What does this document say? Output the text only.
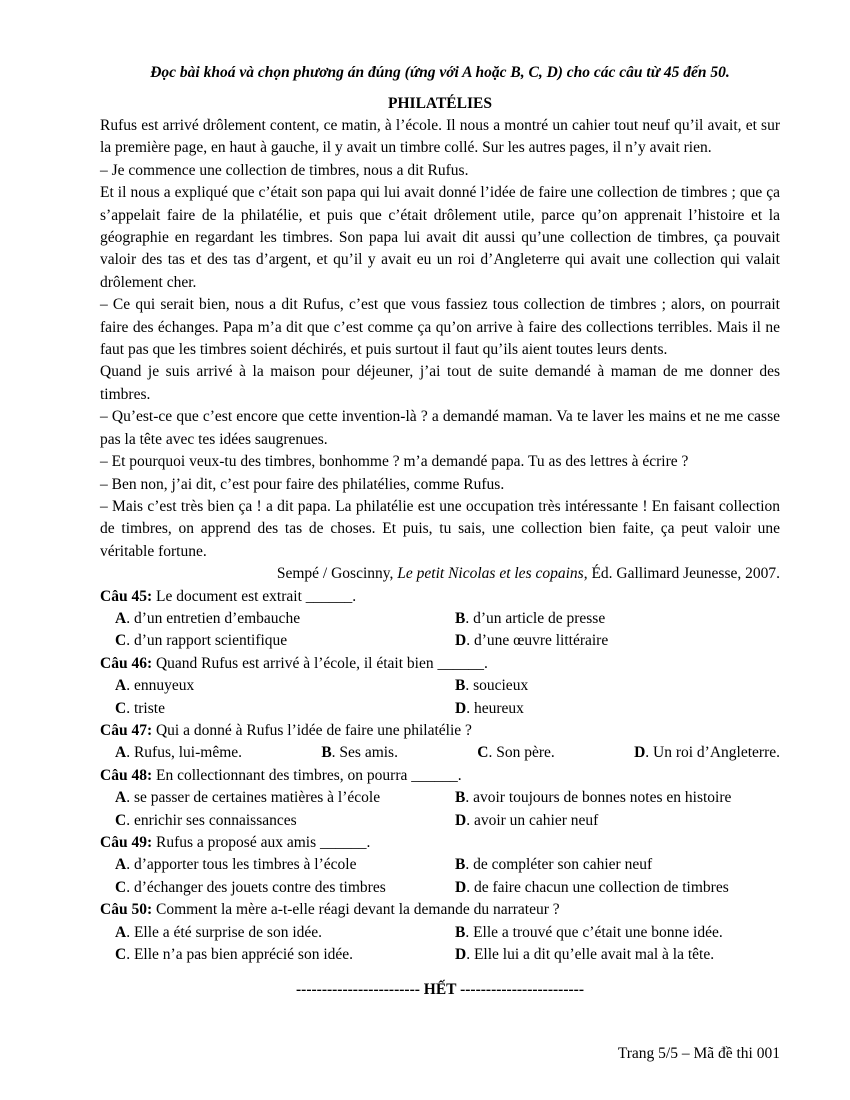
Đọc bài khoá và chọn phương án đúng (ứng với A hoặc B, C, D) cho các câu từ 45 đến 50.
PHILATÉLIES

Rufus est arrivé drôlement content, ce matin, à l’école. Il nous a montré un cahier tout neuf qu’il avait, et sur la première page, en haut à gauche, il y avait un timbre collé. Sur les autres pages, il n’y avait rien.

– Je commence une collection de timbres, nous a dit Rufus.

Et il nous a expliqué que c’était son papa qui lui avait donné l’idée de faire une collection de timbres ; que ça s’appelait faire de la philatélie, et puis que c’était drôlement utile, parce qu’on apprenait l’histoire et la géographie en regardant les timbres. Son papa lui avait dit aussi qu’une collection de timbres, ça pouvait valoir des tas et des tas d’argent, et qu’il y avait eu un roi d’Angleterre qui avait une collection qui valait drôlement cher.

– Ce qui serait bien, nous a dit Rufus, c’est que vous fassiez tous collection de timbres ; alors, on pourrait faire des échanges. Papa m’a dit que c’est comme ça qu’on arrive à faire des collections terribles. Mais il ne faut pas que les timbres soient déchirés, et puis surtout il faut qu’ils aient toutes leurs dents.

Quand je suis arrivé à la maison pour déjeuner, j’ai tout de suite demandé à maman de me donner des timbres.

– Qu’est-ce que c’est encore que cette invention-là ? a demandé maman. Va te laver les mains et ne me casse pas la tête avec tes idées saugrenues.

– Et pourquoi veux-tu des timbres, bonhomme ? m’a demandé papa. Tu as des lettres à écrire ?

– Ben non, j’ai dit, c’est pour faire des philatélies, comme Rufus.

– Mais c’est très bien ça ! a dit papa. La philatélie est une occupation très intéressante ! En faisant collection de timbres, on apprend des tas de choses. Et puis, tu sais, une collection bien faite, ça peut valoir une véritable fortune.

Sempé / Goscinny, Le petit Nicolas et les copains, Éd. Gallimard Jeunesse, 2007.

Câu 45: Le document est extrait ______.
A. d’un entretien d’embauche	B. d’un article de presse
C. d’un rapport scientifique	D. d’une œuvre littéraire
Câu 46: Quand Rufus est arrivé à l’école, il était bien ______.
A. ennuyeux	B. soucieux
C. triste	D. heureux
Câu 47: Qui a donné à Rufus l’idée de faire une philatélie ?
A. Rufus, lui-même.	B. Ses amis.	C. Son père.	D. Un roi d’Angleterre.
Câu 48: En collectionnant des timbres, on pourra ______.
A. se passer de certaines matières à l’école	B. avoir toujours de bonnes notes en histoire
C. enrichir ses connaissances	D. avoir un cahier neuf
Câu 49: Rufus a proposé aux amis ______.
A. d’apporter tous les timbres à l’école	B. de compléter son cahier neuf
C. d’échanger des jouets contre des timbres	D. de faire chacun une collection de timbres
Câu 50: Comment la mère a-t-elle réagi devant la demande du narrateur ?
A. Elle a été surprise de son idée.	B. Elle a trouvé que c’était une bonne idée.
C. Elle n’a pas bien apprécié son idée.	D. Elle lui a dit qu’elle avait mal à la tête.
------------------------ HẾT ------------------------
Trang 5/5 – Mã đề thi 001
